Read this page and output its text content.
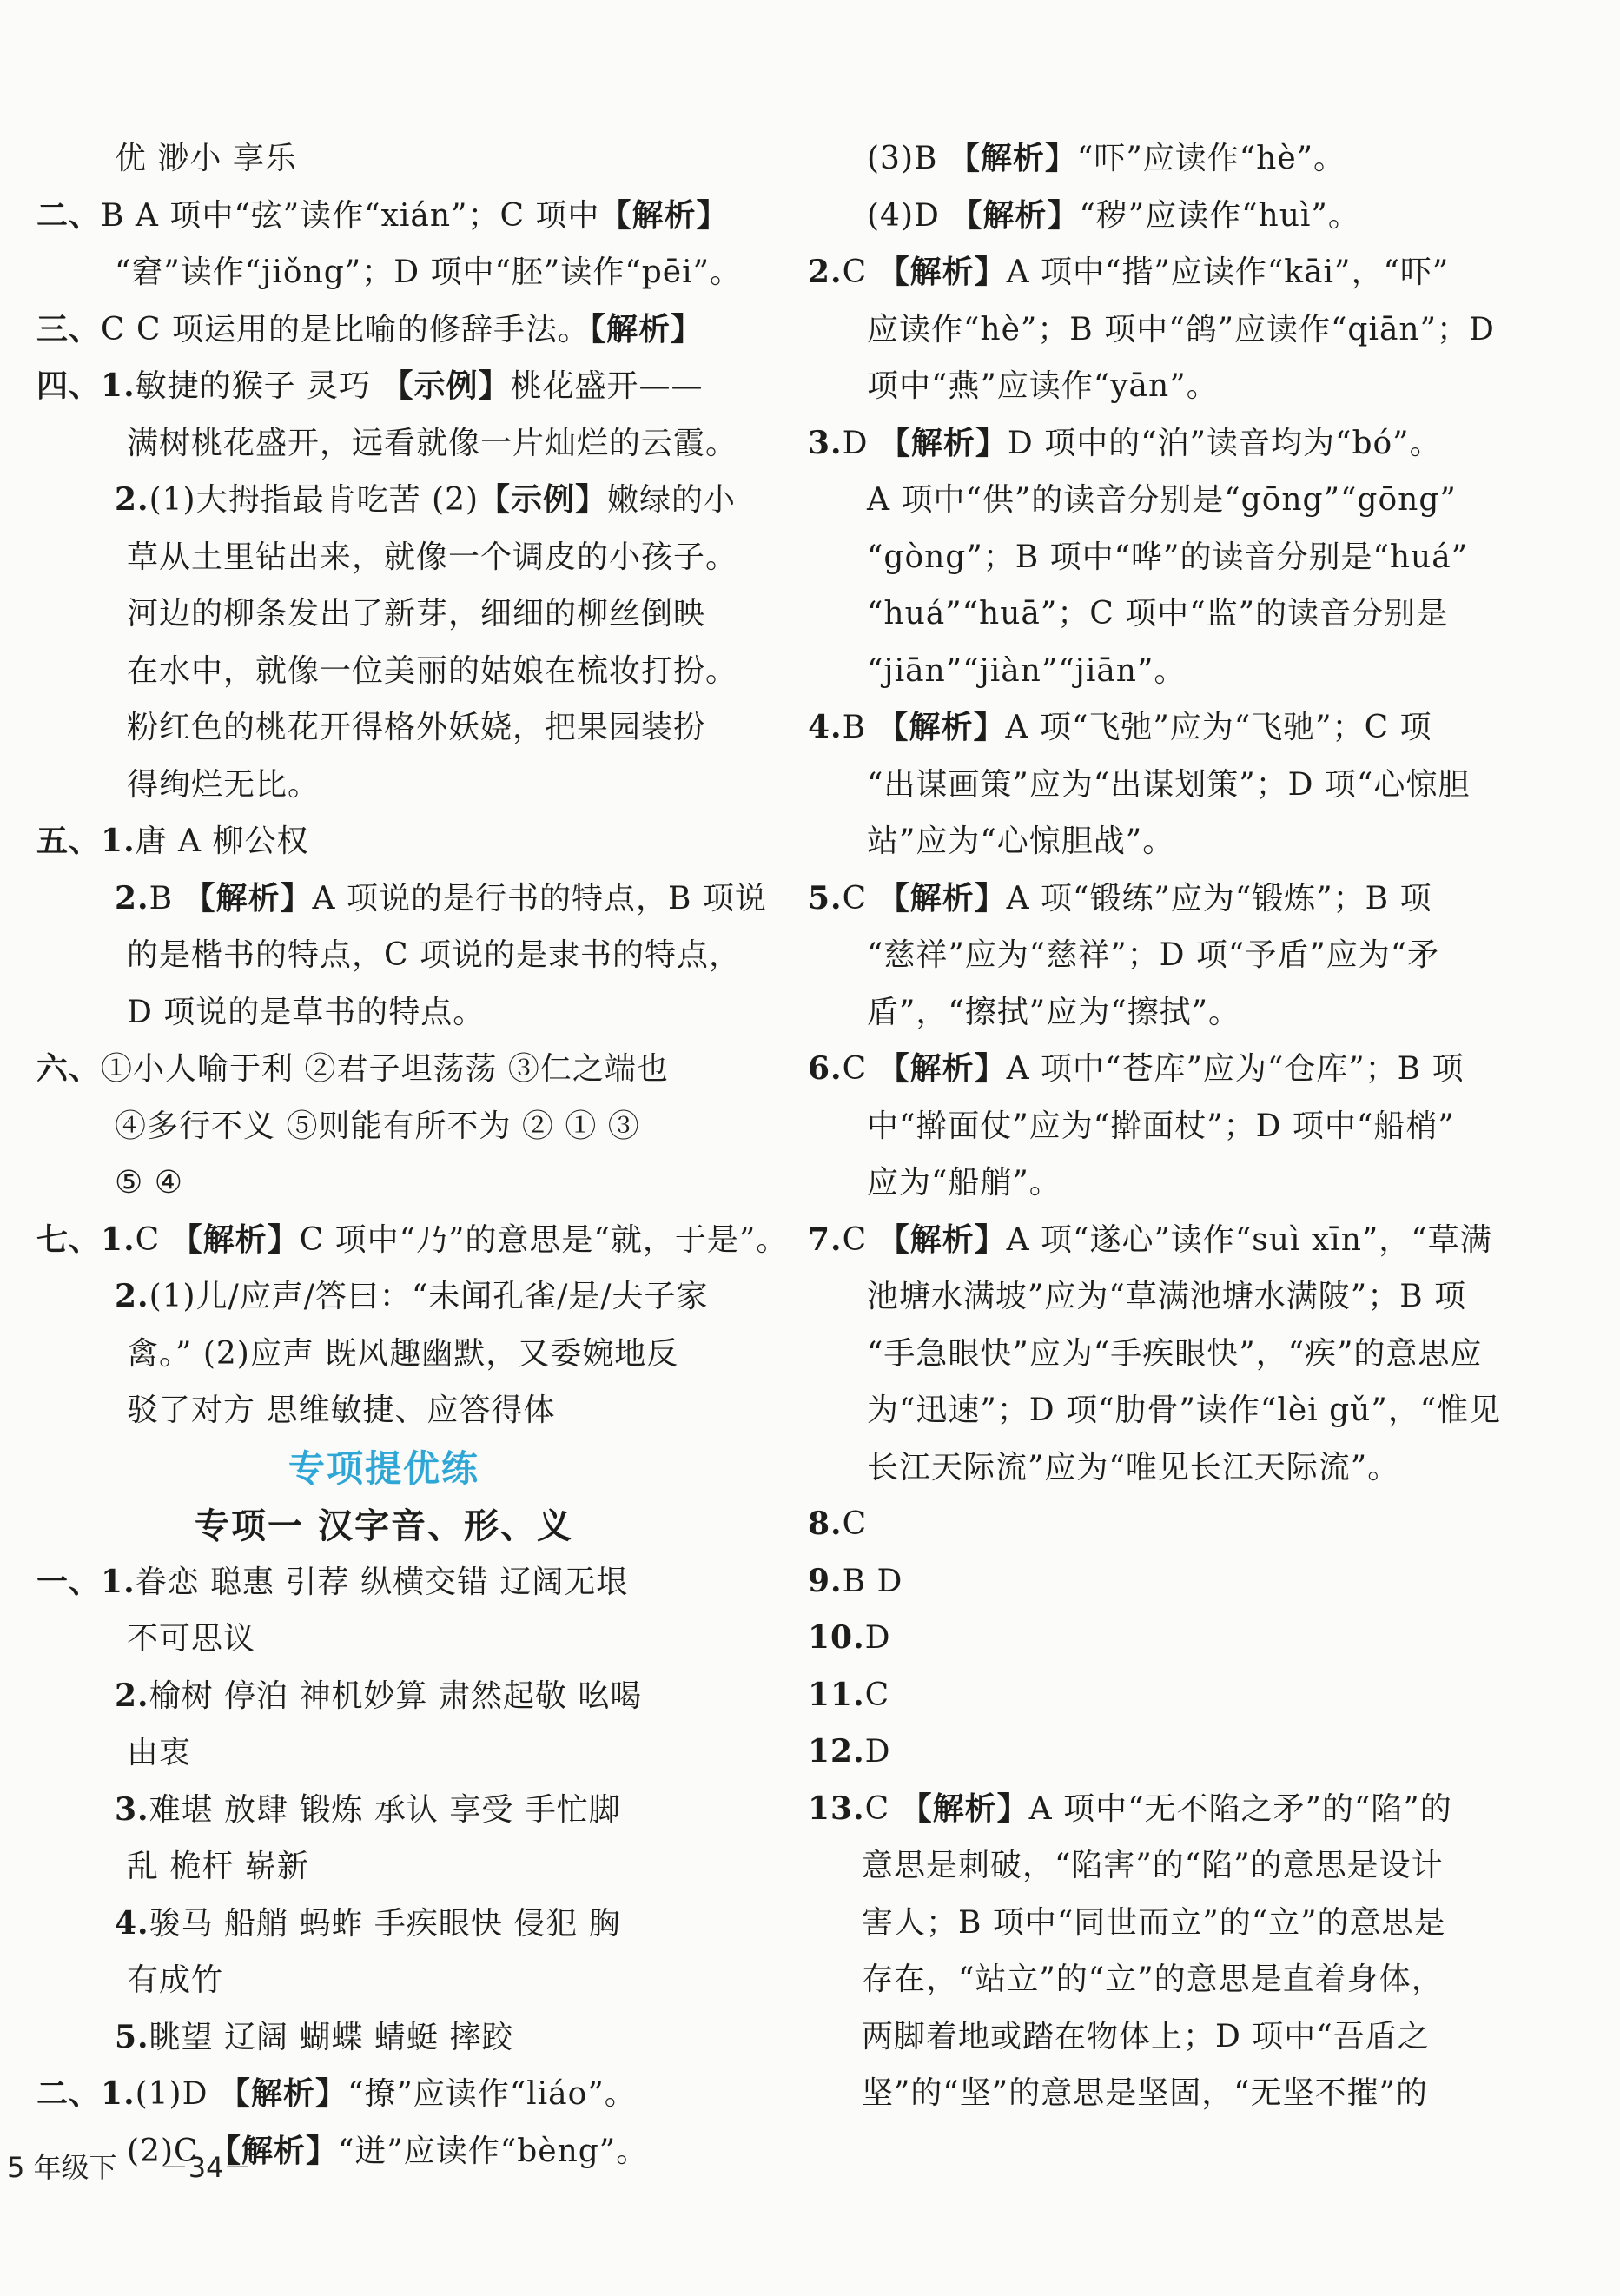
优 渺小 享乐
二、B A 项中“弦”读作“xián”；C 项中【解析】
“窘”读作“jiǒng”；D 项中“胚”读作“pēi”。
三、C C 项运用的是比喻的修辞手法。【解析】
四、1.敏捷的猴子 灵巧 【示例】桃花盛开——
满树桃花盛开，远看就像一片灿烂的云霞。
2.(1)大拇指最肯吃苦 (2)【示例】嫩绿的小
草从土里钻出来，就像一个调皮的小孩子。
河边的柳条发出了新芽，细细的柳丝倒映
在水中，就像一位美丽的姑娘在梳妆打扮。
粉红色的桃花开得格外妖娆，把果园装扮
得绚烂无比。
五、1.唐 A 柳公权
2.B 【解析】A 项说的是行书的特点，B 项说
的是楷书的特点，C 项说的是隶书的特点，
D 项说的是草书的特点。
六、①小人喻于利 ②君子坦荡荡 ③仁之端也
④多行不义 ⑤则能有所不为 ② ① ③
⑤ ④
七、1.C 【解析】C 项中“乃”的意思是“就，于是”。
2.(1)儿/应声/答曰：“未闻孔雀/是/夫子家
禽。” (2)应声 既风趣幽默，又委婉地反
驳了对方 思维敏捷、应答得体
专项提优练
专项一 汉字音、形、义
一、1.眷恋 聪惠 引荐 纵横交错 辽阔无垠
不可思议
2.榆树 停泊 神机妙算 肃然起敬 吆喝
由衷
3.难堪 放肆 锻炼 承认 享受 手忙脚
乱 桅杆 崭新
4.骏马 船艄 蚂蚱 手疾眼快 侵犯 胸
有成竹
5.眺望 辽阔 蝴蝶 蜻蜓 摔跤
二、1.(1)D 【解析】“撩”应读作“liáo”。
(2)C 【解析】“迸”应读作“bèng”。
(3)B 【解析】“吓”应读作“hè”。
(4)D 【解析】“秽”应读作“huì”。
2.C 【解析】A 项中“揩”应读作“kāi”，“吓”
应读作“hè”；B 项中“鸽”应读作“qiān”；D
项中“燕”应读作“yān”。
3.D 【解析】D 项中的“泊”读音均为“bó”。
A 项中“供”的读音分别是“gōng”“gōng”
“gòng”；B 项中“哗”的读音分别是“huá”
“huá”“huā”；C 项中“监”的读音分别是
“jiān”“jiàn”“jiān”。
4.B 【解析】A 项“飞弛”应为“飞驰”；C 项
“出谋画策”应为“出谋划策”；D 项“心惊胆
站”应为“心惊胆战”。
5.C 【解析】A 项“锻练”应为“锻炼”；B 项
“慈祥”应为“慈祥”；D 项“予盾”应为“矛
盾”，“擦拭”应为“擦拭”。
6.C 【解析】A 项中“苍库”应为“仓库”；B 项
中“擀面仗”应为“擀面杖”；D 项中“船梢”
应为“船艄”。
7.C 【解析】A 项“遂心”读作“suì xīn”，“草满
池塘水满坡”应为“草满池塘水满陂”；B 项
“手急眼快”应为“手疾眼快”，“疾”的意思应
为“迅速”；D 项“肋骨”读作“lèi gǔ”，“惟见
长江天际流”应为“唯见长江天际流”。
8.C
9.B D
10.D
11.C
12.D
13.C 【解析】A 项中“无不陷之矛”的“陷”的
意思是刺破，“陷害”的“陷”的意思是设计
害人；B 项中“同世而立”的“立”的意思是
存在，“站立”的“立”的意思是直着身体，
两脚着地或踏在物体上；D 项中“吾盾之
坚”的“坚”的意思是坚固，“无坚不摧”的
5 年级下 －34－
